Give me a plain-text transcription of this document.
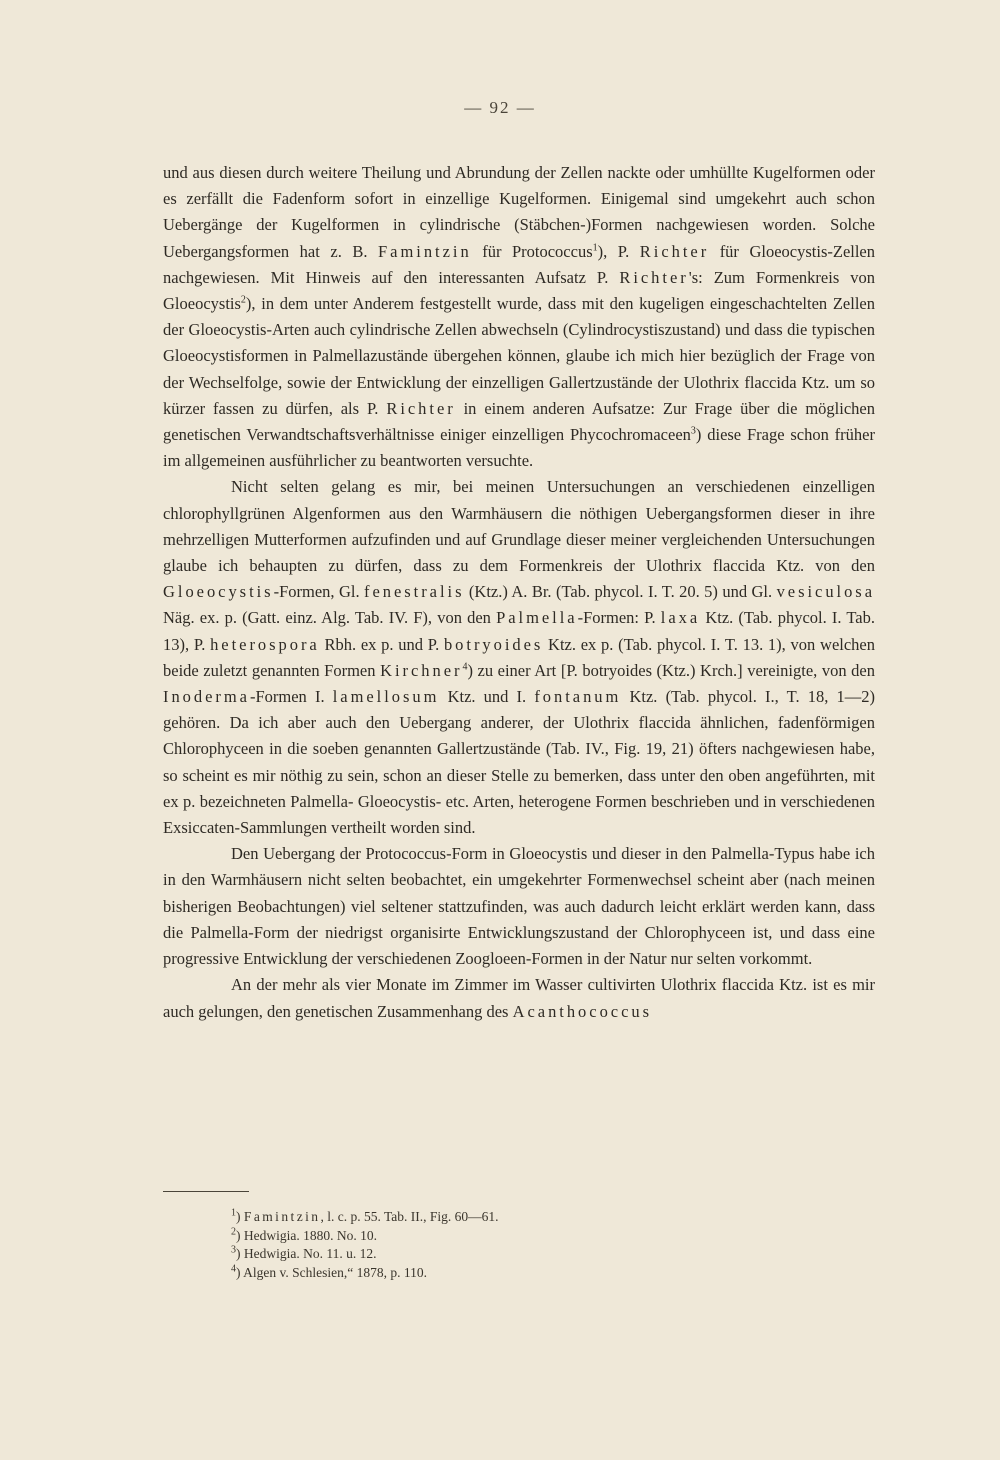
— 92 —

und aus diesen durch weitere Theilung und Abrundung der Zellen nackte oder umhüllte Kugelformen oder es zerfällt die Fadenform sofort in einzellige Kugelformen. Einigemal sind umgekehrt auch schon Uebergänge der Kugelformen in cylindrische (Stäbchen-)Formen nachgewiesen worden. Solche Uebergangsformen hat z. B. Famintzin für Protococcus$^1$), P. Richter für Gloeocystis-Zellen nachgewiesen. Mit Hinweis auf den interessanten Aufsatz P. Richter's: Zum Formenkreis von Gloeocystis$^2$), in dem unter Anderem festgestellt wurde, dass mit den kugeligen eingeschachtelten Zellen der Gloeocystis-Arten auch cylindrische Zellen abwechseln (Cylindrocystiszustand) und dass die typischen Gloeocystisformen in Palmellazustände übergehen können, glaube ich mich hier bezüglich der Frage von der Wechselfolge, sowie der Entwicklung der einzelligen Gallertzustände der Ulothrix flaccida Ktz. um so kürzer fassen zu dürfen, als P. Richter in einem anderen Aufsatze: Zur Frage über die möglichen genetischen Verwandtschaftsverhältnisse einiger einzelligen Phycochromaceen$^3$) diese Frage schon früher im allgemeinen ausführlicher zu beantworten versuchte.

Nicht selten gelang es mir, bei meinen Untersuchungen an verschiedenen einzelligen chlorophyllgrünen Algenformen aus den Warmhäusern die nöthigen Uebergangsformen dieser in ihre mehrzelligen Mutterformen aufzufinden und auf Grundlage dieser meiner vergleichenden Untersuchungen glaube ich behaupten zu dürfen, dass zu dem Formenkreis der Ulothrix flaccida Ktz. von den Gloeocystis-Formen, Gl. fenestralis (Ktz.) A. Br. (Tab. phycol. I. T. 20. 5) und Gl. vesiculosa Näg. ex. p. (Gatt. einz. Alg. Tab. IV. F), von den Palmella-Formen: P. laxa Ktz. (Tab. phycol. I. Tab. 13), P. heterospora Rbh. ex p. und P. botryoides Ktz. ex p. (Tab. phycol. I. T. 13. 1), von welchen beide zuletzt genannten Formen Kirchner$^4$) zu einer Art [P. botryoides (Ktz.) Krch.] vereinigte, von den Inoderma-Formen I. lamellosum Ktz. und I. fontanum Ktz. (Tab. phycol. I., T. 18, 1—2) gehören. Da ich aber auch den Uebergang anderer, der Ulothrix flaccida ähnlichen, fadenförmigen Chlorophyceen in die soeben genannten Gallertzustände (Tab. IV., Fig. 19, 21) öfters nachgewiesen habe, so scheint es mir nöthig zu sein, schon an dieser Stelle zu bemerken, dass unter den oben angeführten, mit ex p. bezeichneten Palmella- Gloeocystis- etc. Arten, heterogene Formen beschrieben und in verschiedenen Exsiccaten-Sammlungen vertheilt worden sind.

Den Uebergang der Protococcus-Form in Gloeocystis und dieser in den Palmella-Typus habe ich in den Warmhäusern nicht selten beobachtet, ein umgekehrter Formenwechsel scheint aber (nach meinen bisherigen Beobachtungen) viel seltener stattzufinden, was auch dadurch leicht erklärt werden kann, dass die Palmella-Form der niedrigst organisirte Entwicklungszustand der Chlorophyceen ist, und dass eine progressive Entwicklung der verschiedenen Zoogloeen-Formen in der Natur nur selten vorkommt.

An der mehr als vier Monate im Zimmer im Wasser cultivirten Ulothrix flaccida Ktz. ist es mir auch gelungen, den genetischen Zusammenhang des Acanthococcus

$^1$) Famintzin, l. c. p. 55. Tab. II., Fig. 60—61.
$^2$) Hedwigia. 1880. No. 10.
$^3$) Hedwigia. No. 11. u. 12.
$^4$) Algen v. Schlesien,“ 1878, p. 110.
